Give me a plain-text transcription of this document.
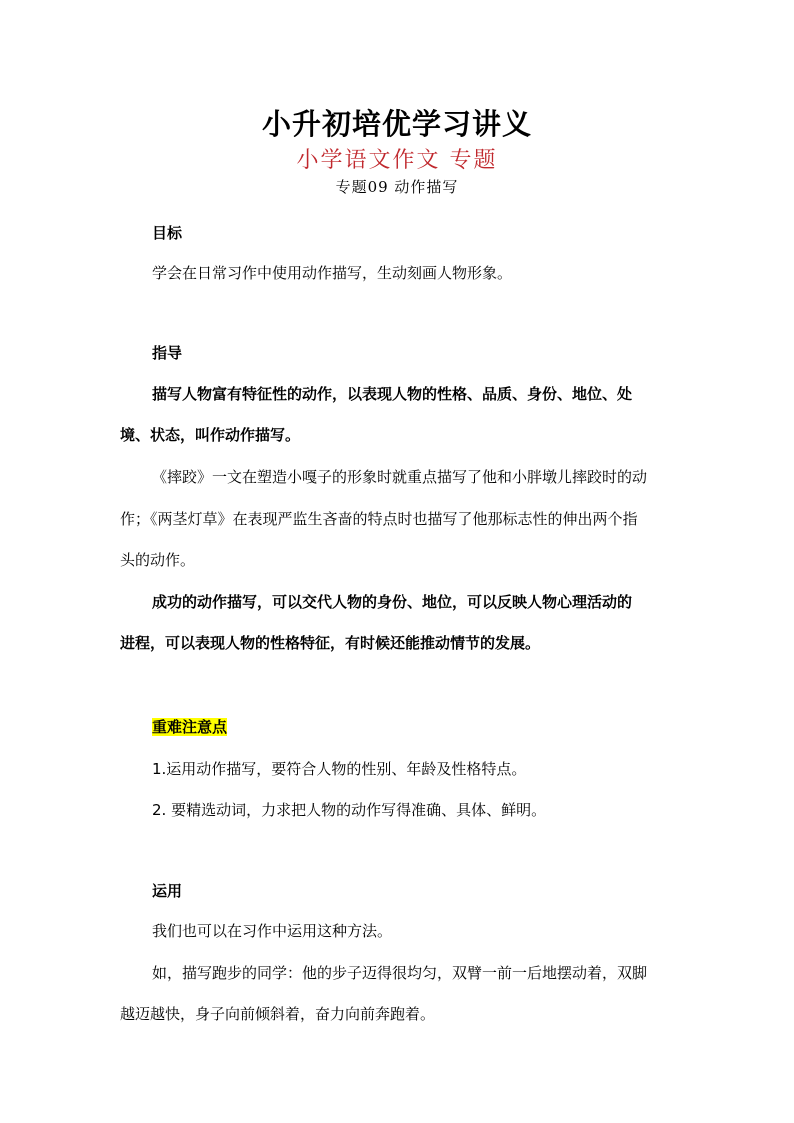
小升初培优学习讲义
小学语文作文 专题
专题09 动作描写
目标
学会在日常习作中使用动作描写，生动刻画人物形象。
指导
描写人物富有特征性的动作，以表现人物的性格、品质、身份、地位、处
境、状态，叫作动作描写。
《摔跤》一文在塑造小嘎子的形象时就重点描写了他和小胖墩儿摔跤时的动
作；《两茎灯草》在表现严监生吝啬的特点时也描写了他那标志性的伸出两个指
头的动作。
成功的动作描写，可以交代人物的身份、地位，可以反映人物心理活动的
进程，可以表现人物的性格特征，有时候还能推动情节的发展。
重难注意点
1.运用动作描写，要符合人物的性别、年龄及性格特点。
2. 要精选动词，力求把人物的动作写得准确、具体、鲜明。
运用
我们也可以在习作中运用这种方法。
如，描写跑步的同学：他的步子迈得很均匀，双臂一前一后地摆动着，双脚
越迈越快，身子向前倾斜着，奋力向前奔跑着。
